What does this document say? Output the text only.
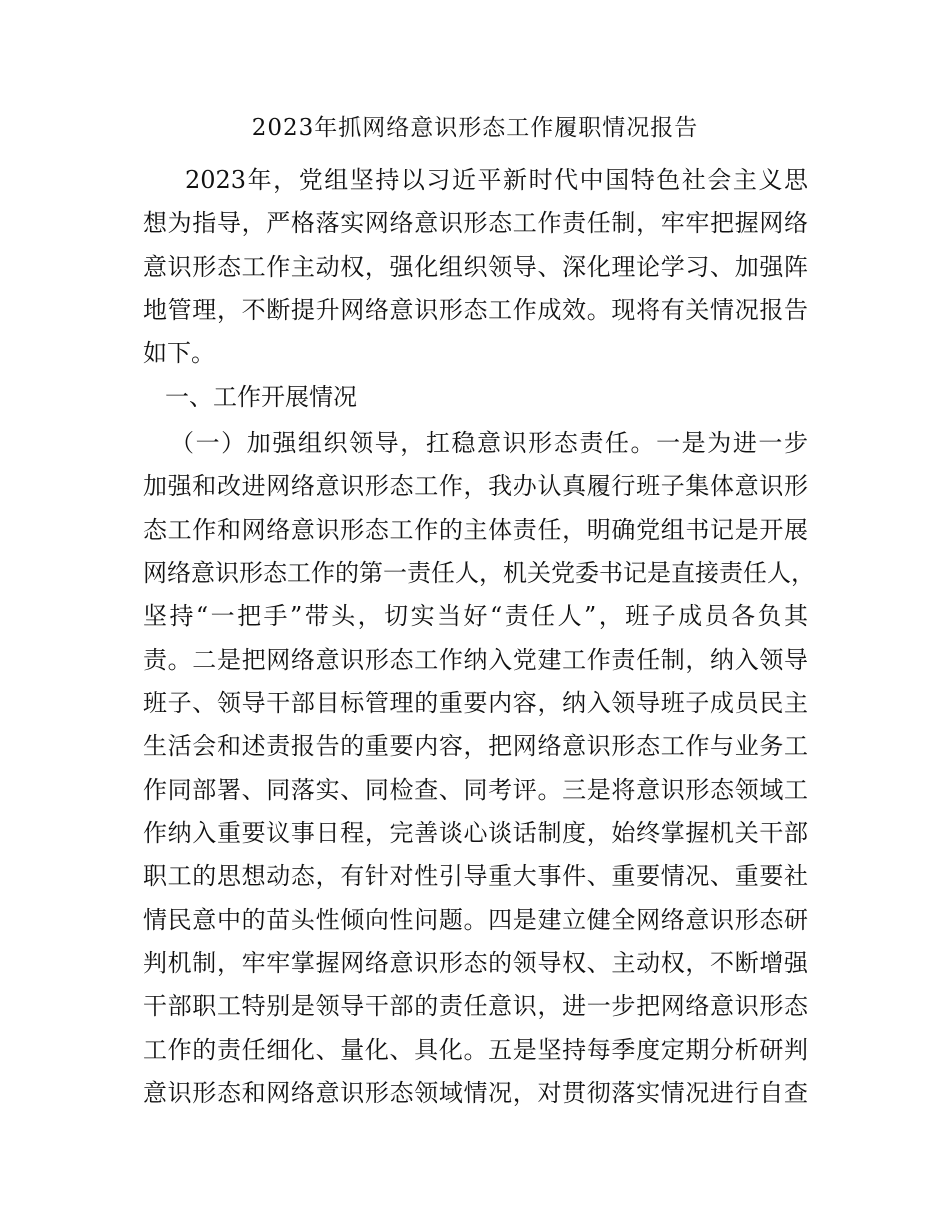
2023年抓网络意识形态工作履职情况报告
2023年，党组坚持以习近平新时代中国特色社会主义思
想为指导，严格落实网络意识形态工作责任制，牢牢把握网络
意识形态工作主动权，强化组织领导、深化理论学习、加强阵
地管理，不断提升网络意识形态工作成效。现将有关情况报告
如下。
一、工作开展情况
（一）加强组织领导，扛稳意识形态责任。一是为进一步
加强和改进网络意识形态工作，我办认真履行班子集体意识形
态工作和网络意识形态工作的主体责任，明确党组书记是开展
网络意识形态工作的第一责任人，机关党委书记是直接责任人，
坚持“一把手”带头，切实当好“责任人”，班子成员各负其
责。二是把网络意识形态工作纳入党建工作责任制，纳入领导
班子、领导干部目标管理的重要内容，纳入领导班子成员民主
生活会和述责报告的重要内容，把网络意识形态工作与业务工
作同部署、同落实、同检查、同考评。三是将意识形态领域工
作纳入重要议事日程，完善谈心谈话制度，始终掌握机关干部
职工的思想动态，有针对性引导重大事件、重要情况、重要社
情民意中的苗头性倾向性问题。四是建立健全网络意识形态研
判机制，牢牢掌握网络意识形态的领导权、主动权，不断增强
干部职工特别是领导干部的责任意识，进一步把网络意识形态
工作的责任细化、量化、具化。五是坚持每季度定期分析研判
意识形态和网络意识形态领域情况，对贯彻落实情况进行自查
